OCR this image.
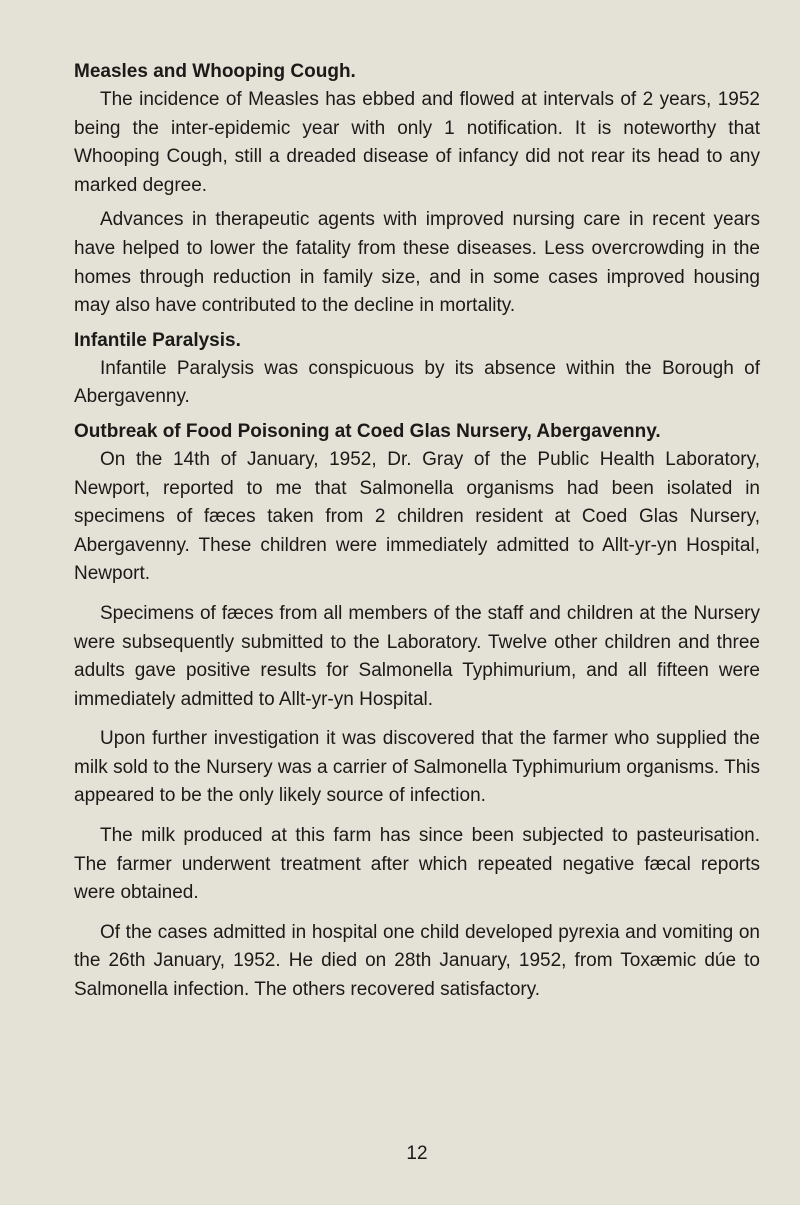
Measles and Whooping Cough.

The incidence of Measles has ebbed and flowed at intervals of 2 years, 1952 being the inter-epidemic year with only 1 notification. It is noteworthy that Whooping Cough, still a dreaded disease of infancy did not rear its head to any marked degree.

Advances in therapeutic agents with improved nursing care in recent years have helped to lower the fatality from these diseases. Less overcrowding in the homes through reduction in family size, and in some cases improved housing may also have contributed to the decline in mortality.

Infantile Paralysis.

Infantile Paralysis was conspicuous by its absence within the Borough of Abergavenny.

Outbreak of Food Poisoning at Coed Glas Nursery, Abergavenny.

On the 14th of January, 1952, Dr. Gray of the Public Health Laboratory, Newport, reported to me that Salmonella organisms had been isolated in specimens of fæces taken from 2 children resident at Coed Glas Nursery, Abergavenny. These children were immediately admitted to Allt-yr-yn Hospital, Newport.

Specimens of fæces from all members of the staff and children at the Nursery were subsequently submitted to the Laboratory. Twelve other children and three adults gave positive results for Salmonella Typhimurium, and all fifteen were immediately admitted to Allt-yr-yn Hospital.

Upon further investigation it was discovered that the farmer who supplied the milk sold to the Nursery was a carrier of Salmonella Typhimurium organisms. This appeared to be the only likely source of infection.

The milk produced at this farm has since been subjected to pasteurisation. The farmer underwent treatment after which repeated negative fæcal reports were obtained.

Of the cases admitted in hospital one child developed pyrexia and vomiting on the 26th January, 1952. He died on 28th January, 1952, from Toxæmic dúe to Salmonella infection. The others recovered satisfactory.

12
